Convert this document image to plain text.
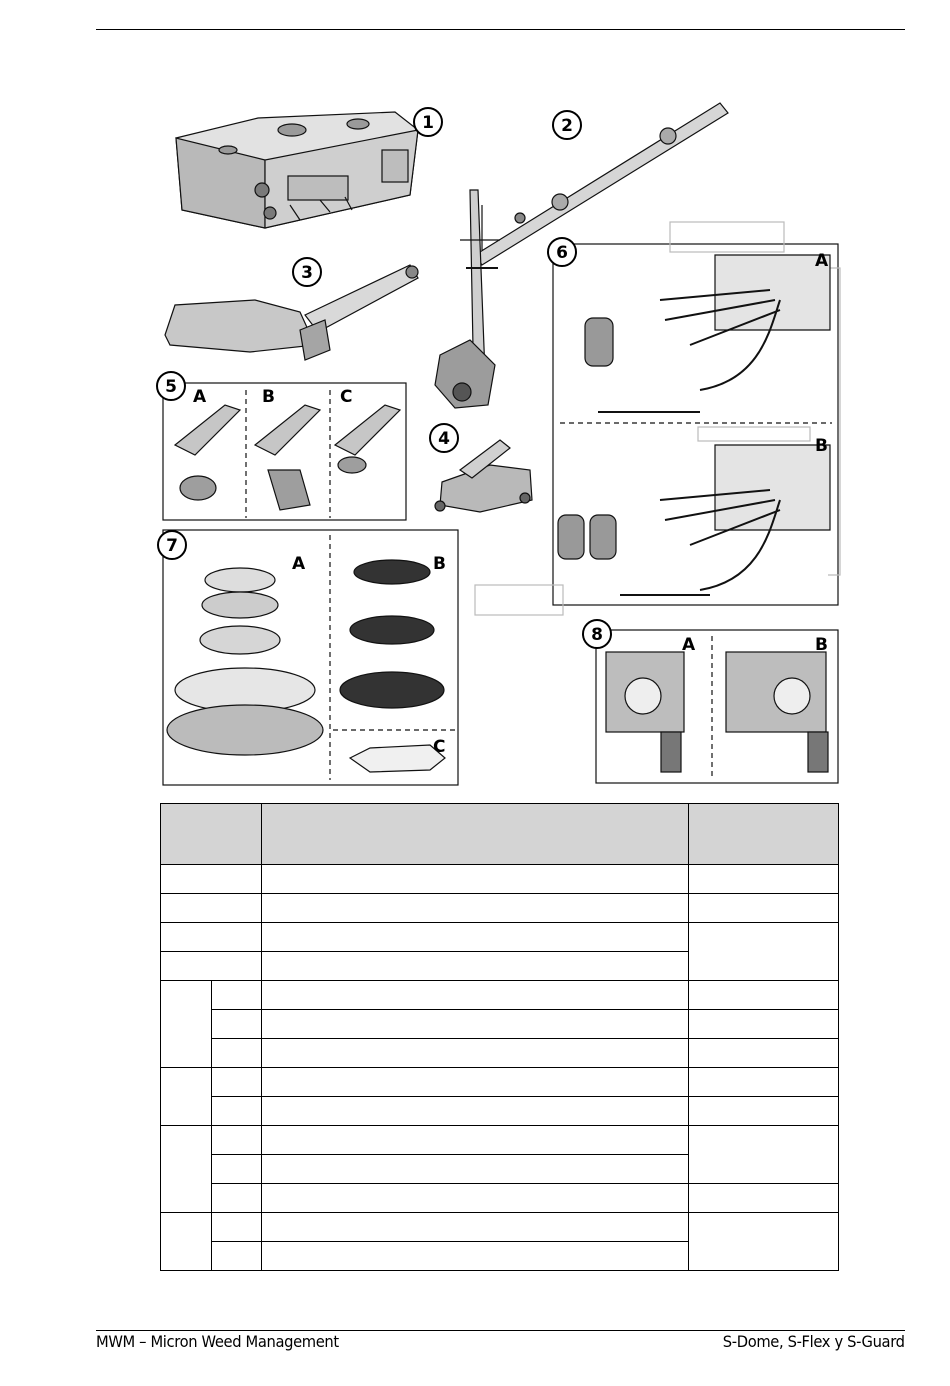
1	2
3
4
5
6
7
8
A	B	C
A
B
A	B
C
A	B

MWM – Micron Weed Management	S-Dome, S-Flex y S-Guard
